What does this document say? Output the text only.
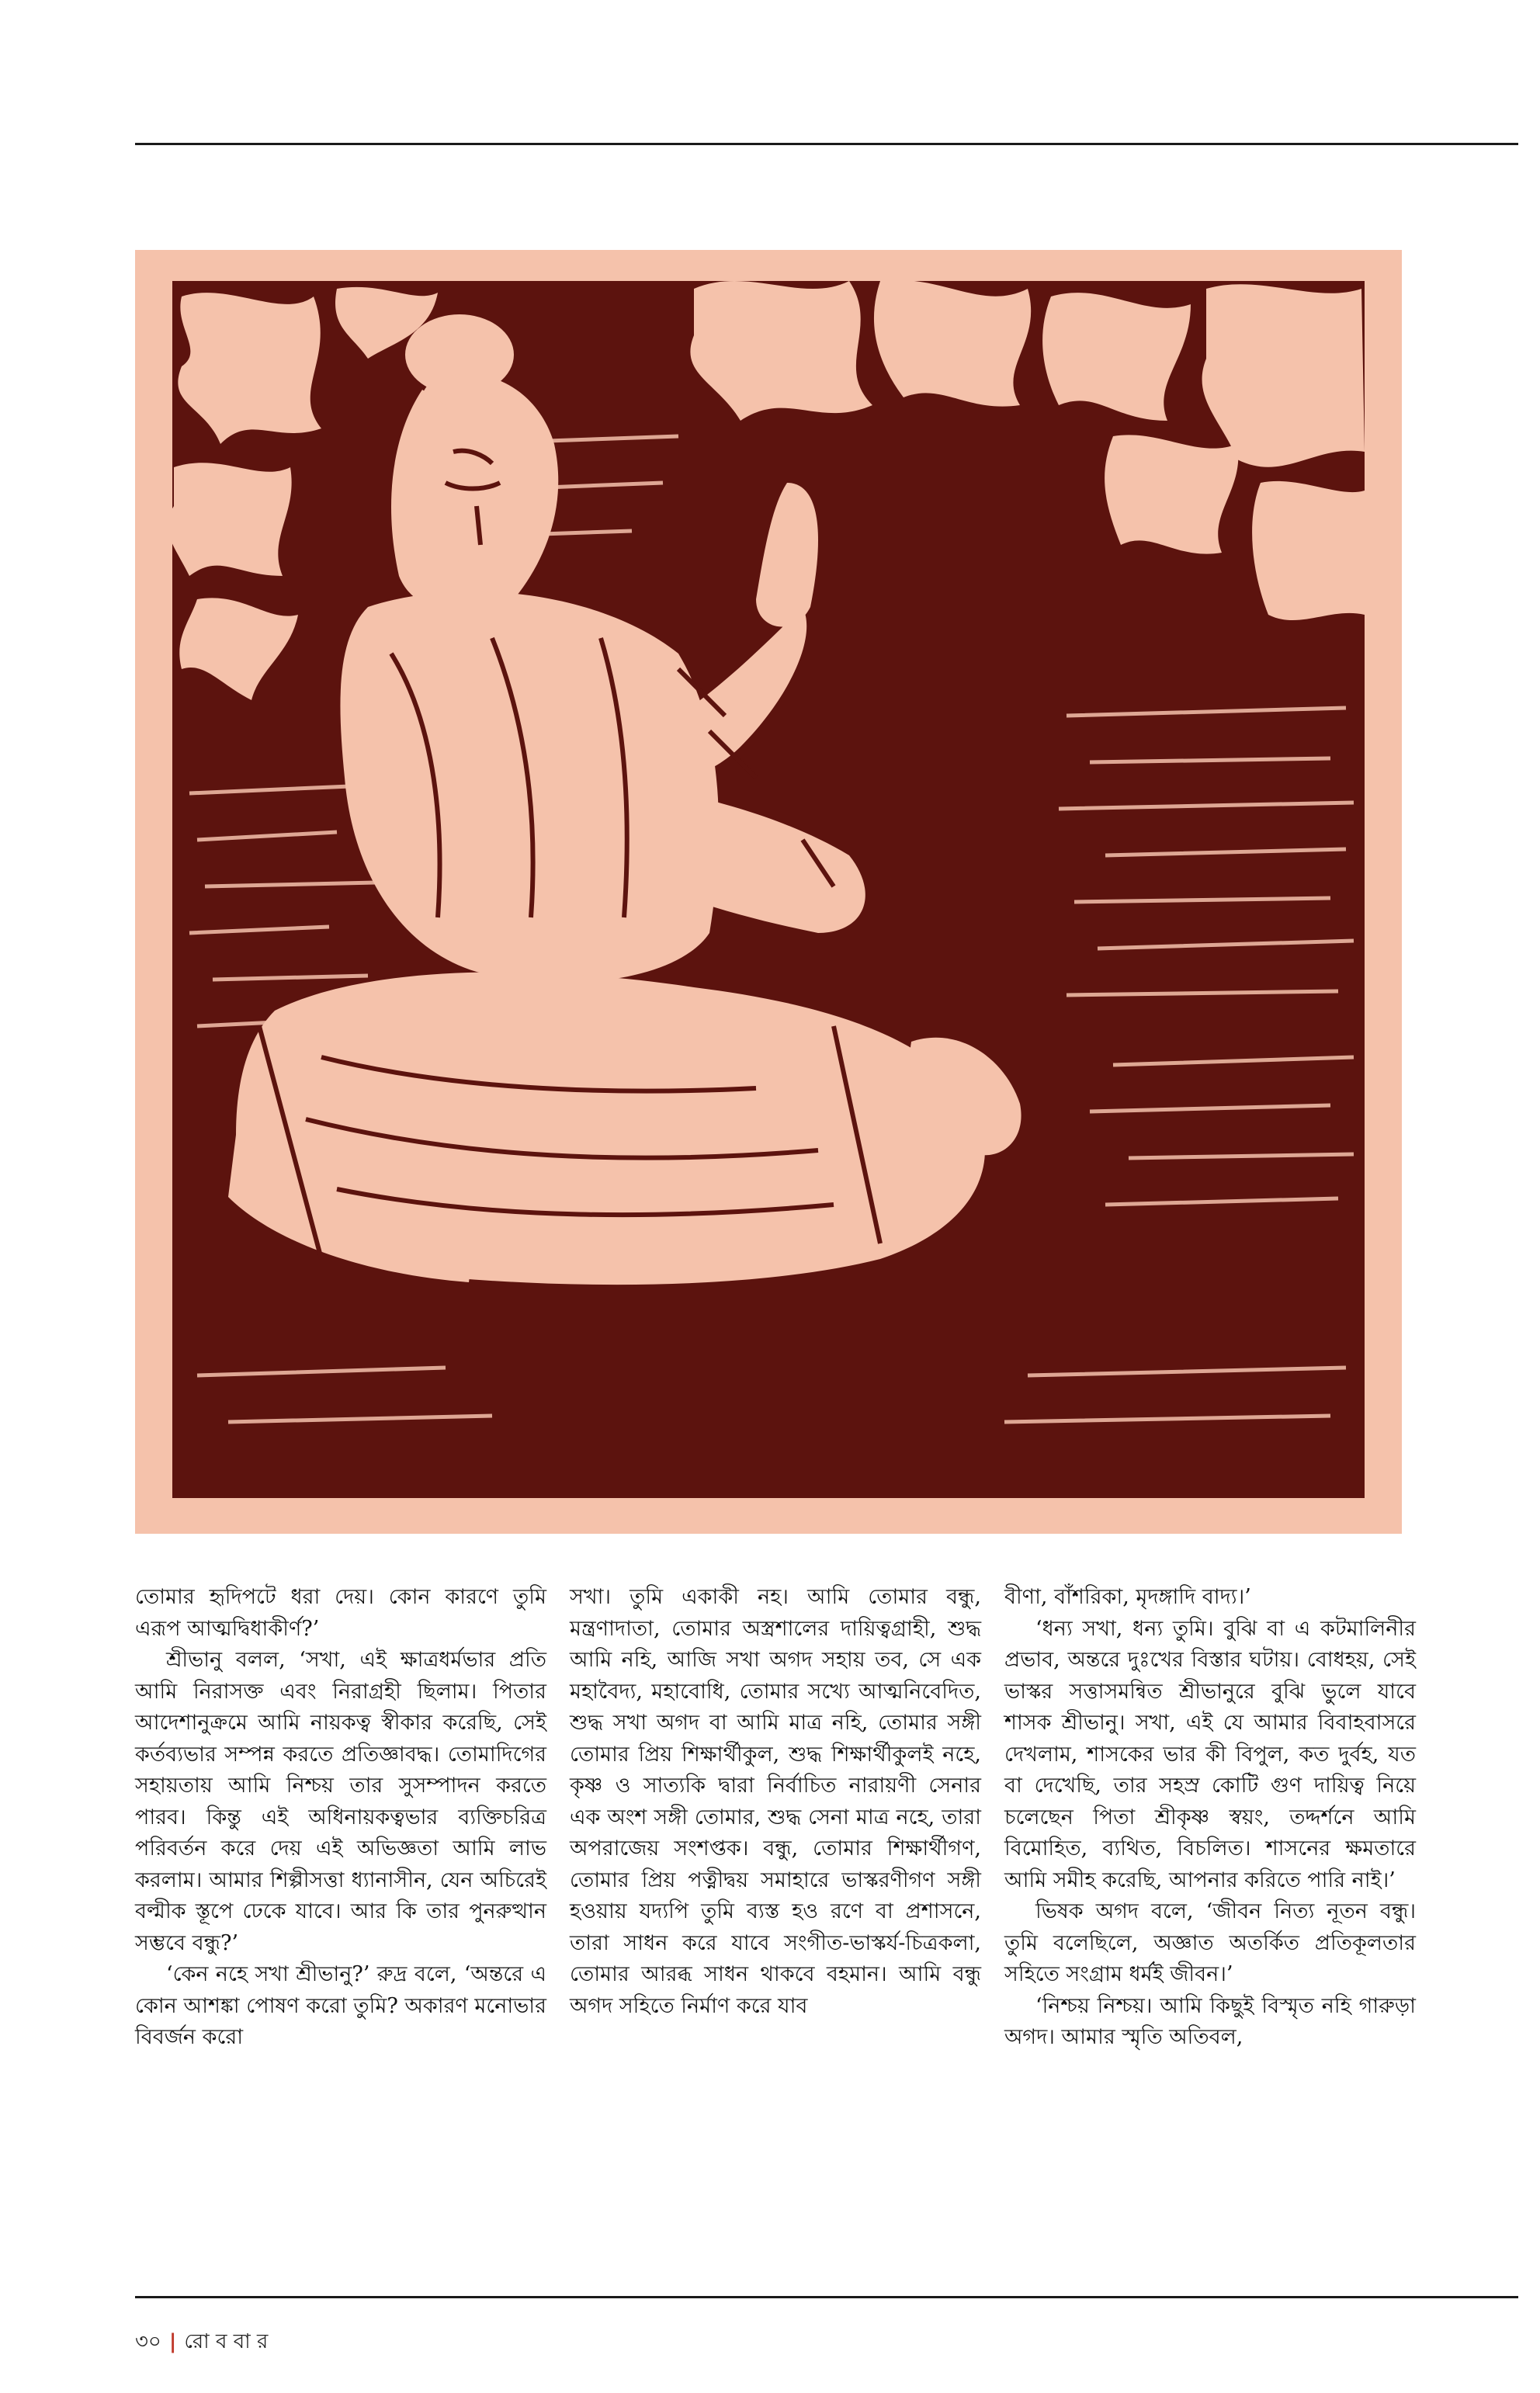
তোমার হৃদিপটে ধরা দেয়। কোন কারণে তুমি এরূপ আত্মদ্বিধাকীর্ণ?’

শ্রীভানু বলল, ‘সখা, এই ক্ষাত্রধর্মভার প্রতি আমি নিরাসক্ত এবং নিরাগ্রহী ছিলাম। পিতার আদেশানুক্রমে আমি নায়কত্ব স্বীকার করেছি, সেই কর্তব্যভার সম্পন্ন করতে প্রতিজ্ঞাবদ্ধ। তোমাদিগের সহায়তায় আমি নিশ্চয় তার সুসম্পাদন করতে পারব। কিন্তু এই অধিনায়কত্বভার ব্যক্তিচরিত্র পরিবর্তন করে দেয় এই অভিজ্ঞতা আমি লাভ করলাম। আমার শিল্পীসত্তা ধ্যানাসীন, যেন অচিরেই বল্মীক স্তূপে ঢেকে যাবে। আর কি তার পুনরুত্থান সম্ভবে বন্ধু?’

‘কেন নহে সখা শ্রীভানু?’ রুদ্র বলে, ‘অন্তরে এ কোন আশঙ্কা পোষণ করো তুমি? অকারণ মনোভার বিবর্জন করো

সখা। তুমি একাকী নহ। আমি তোমার বন্ধু, মন্ত্রণাদাতা, তোমার অস্ত্রশালের দায়িত্বগ্রাহী, শুদ্ধ আমি নহি, আজি সখা অগদ সহায় তব, সে এক মহাবৈদ্য, মহাবোধি, তোমার সখ্যে আত্মনিবেদিত, শুদ্ধ সখা অগদ বা আমি মাত্র নহি, তোমার সঙ্গী তোমার প্রিয় শিক্ষার্থীকুল, শুদ্ধ শিক্ষার্থীকুলই নহে, কৃষ্ণ ও সাত্যকি দ্বারা নির্বাচিত নারায়ণী সেনার এক অংশ সঙ্গী তোমার, শুদ্ধ সেনা মাত্র নহে, তারা অপরাজেয় সংশপ্তক। বন্ধু, তোমার শিক্ষার্থীগণ, তোমার প্রিয় পত্নীদ্বয় সমাহারে ভাস্করণীগণ সঙ্গী হওয়ায় যদ্যপি তুমি ব্যস্ত হও রণে বা প্রশাসনে, তারা সাধন করে যাবে সংগীত-ভাস্কর্য-চিত্রকলা, তোমার আরব্ধ সাধন থাকবে বহমান। আমি বন্ধু অগদ সহিতে নির্মাণ করে যাব

বীণা, বাঁশরিকা, মৃদঙ্গাদি বাদ্য।’

‘ধন্য সখা, ধন্য তুমি। বুঝি বা এ কটমালিনীর প্রভাব, অন্তরে দুঃখের বিস্তার ঘটায়। বোধহয়, সেই ভাস্কর সত্তাসমন্বিত শ্রীভানুরে বুঝি ভুলে যাবে শাসক শ্রীভানু। সখা, এই যে আমার বিবাহবাসরে দেখলাম, শাসকের ভার কী বিপুল, কত দুর্বহ, যত বা দেখেছি, তার সহস্র কোটি গুণ দায়িত্ব নিয়ে চলেছেন পিতা শ্রীকৃষ্ণ স্বয়ং, তদ্দর্শনে আমি বিমোহিত, ব্যথিত, বিচলিত। শাসনের ক্ষমতারে আমি সমীহ করেছি, আপনার করিতে পারি নাই।’

ভিষক অগদ বলে, ‘জীবন নিত্য নূতন বন্ধু। তুমি বলেছিলে, অজ্ঞাত অতর্কিত প্রতিকূলতার সহিতে সংগ্রাম ধর্মই জীবন।’

‘নিশ্চয় নিশ্চয়। আমি কিছুই বিস্মৃত নহি গারুড়া অগদ। আমার স্মৃতি অতিবল,

৩০ | রো ব বা র
